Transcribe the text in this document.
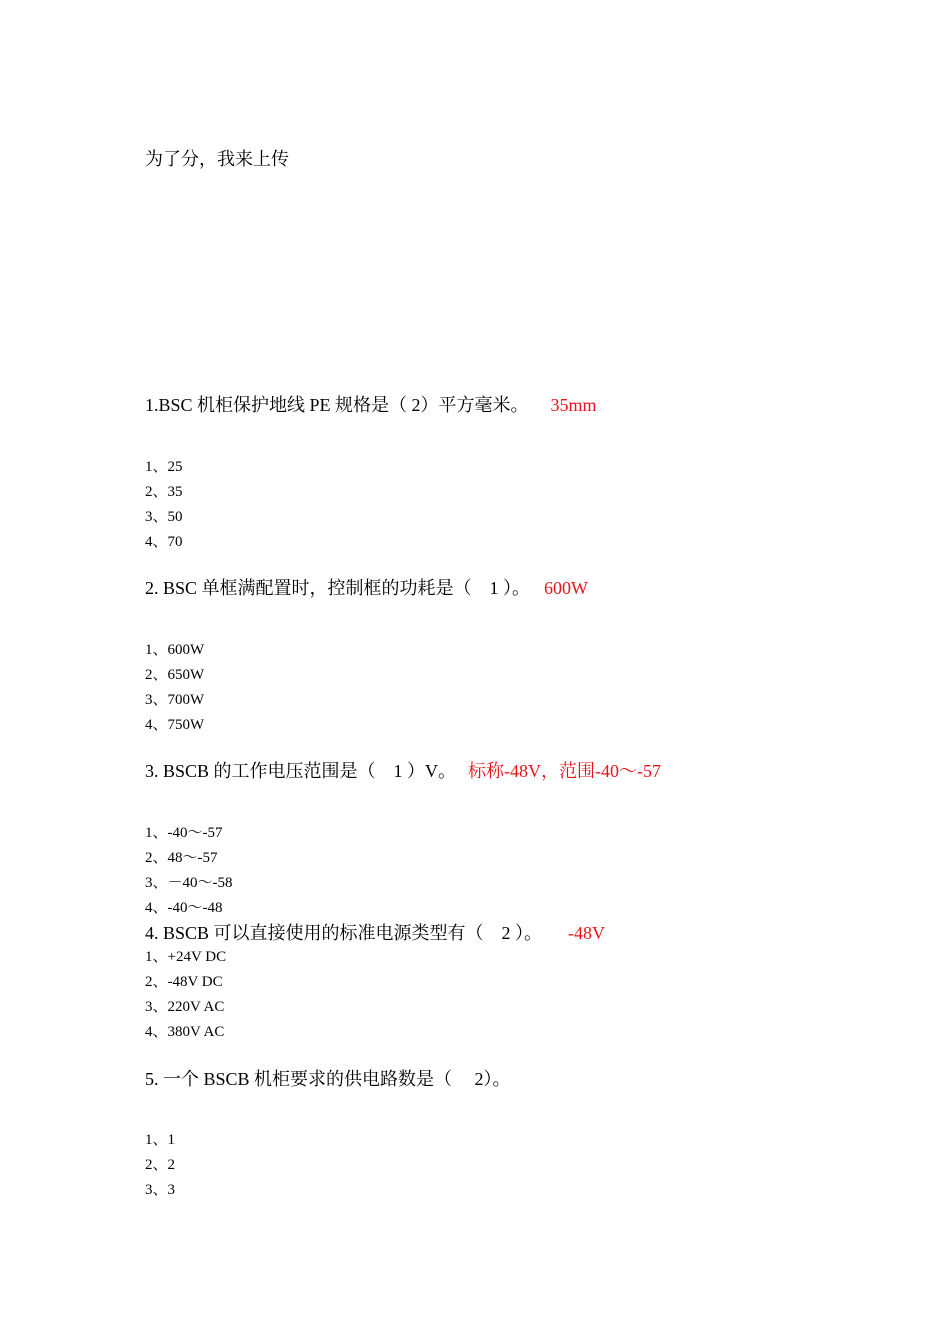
为了分，我来上传
1.BSC 机柜保护地线 PE 规格是（ 2）平方毫米。 35mm
1、25
2、35
3、50
4、70
2. BSC 单框满配置时，控制框的功耗是（　1 ）。 600W
1、600W
2、650W
3、700W
4、750W
3. BSCB 的工作电压范围是（　1 ）V。 标称-48V，范围-40～-57
1、-40～-57
2、48～-57
3、－40～-58
4、-40～-48
4. BSCB 可以直接使用的标准电源类型有（　2 ）。 -48V
1、+24V DC
2、-48V DC
3、220V AC
4、380V AC
5. 一个 BSCB 机柜要求的供电路数是（　 2）。
1、1
2、2
3、3
